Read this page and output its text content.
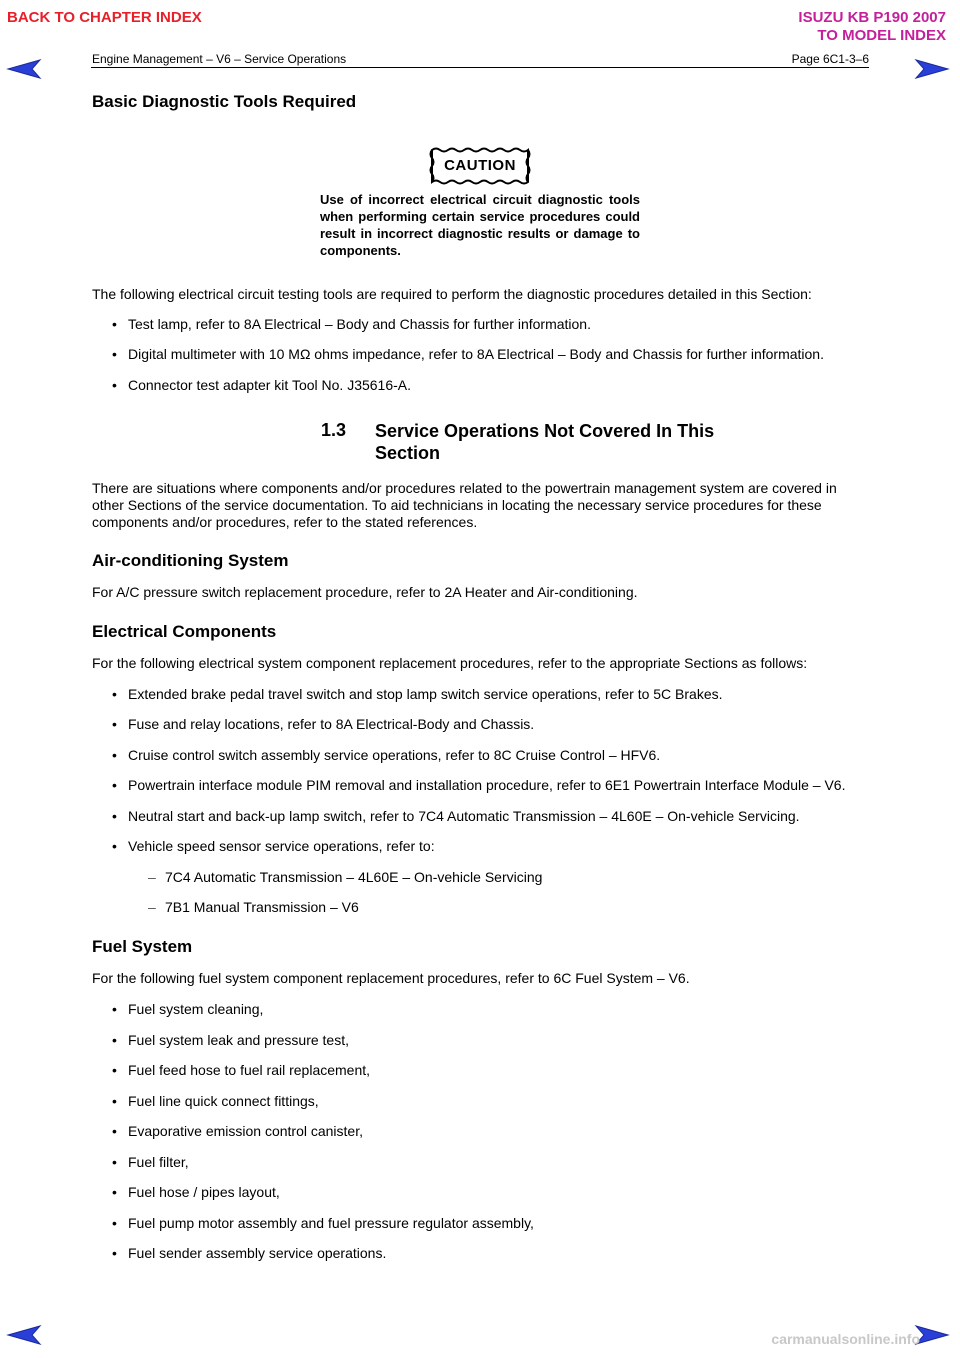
BACK TO CHAPTER INDEX	ISUZU KB P190 2007
TO MODEL INDEX
Engine Management – V6 – Service Operations	Page 6C1-3–6
Basic Diagnostic Tools Required
CAUTION
Use of incorrect electrical circuit diagnostic tools when performing certain service procedures could result in incorrect diagnostic results or damage to components.
The following electrical circuit testing tools are required to perform the diagnostic procedures detailed in this Section:
• Test lamp, refer to 8A Electrical – Body and Chassis for further information.
• Digital multimeter with 10 MΩ ohms impedance, refer to 8A Electrical – Body and Chassis for further information.
• Connector test adapter kit Tool No. J35616-A.
1.3 Service Operations Not Covered In This Section
There are situations where components and/or procedures related to the powertrain management system are covered in other Sections of the service documentation. To aid technicians in locating the necessary service procedures for these components and/or procedures, refer to the stated references.
Air-conditioning System
For A/C pressure switch replacement procedure, refer to 2A Heater and Air-conditioning.
Electrical Components
For the following electrical system component replacement procedures, refer to the appropriate Sections as follows:
• Extended brake pedal travel switch and stop lamp switch service operations, refer to 5C Brakes.
• Fuse and relay locations, refer to 8A Electrical-Body and Chassis.
• Cruise control switch assembly service operations, refer to 8C Cruise Control – HFV6.
• Powertrain interface module PIM removal and installation procedure, refer to 6E1 Powertrain Interface Module – V6.
• Neutral start and back-up lamp switch, refer to 7C4 Automatic Transmission – 4L60E – On-vehicle Servicing.
• Vehicle speed sensor service operations, refer to:
– 7C4 Automatic Transmission – 4L60E – On-vehicle Servicing
– 7B1 Manual Transmission – V6
Fuel System
For the following fuel system component replacement procedures, refer to 6C Fuel System – V6.
• Fuel system cleaning,
• Fuel system leak and pressure test,
• Fuel feed hose to fuel rail replacement,
• Fuel line quick connect fittings,
• Evaporative emission control canister,
• Fuel filter,
• Fuel hose / pipes layout,
• Fuel pump motor assembly and fuel pressure regulator assembly,
• Fuel sender assembly service operations.
carmanualsonline.info
